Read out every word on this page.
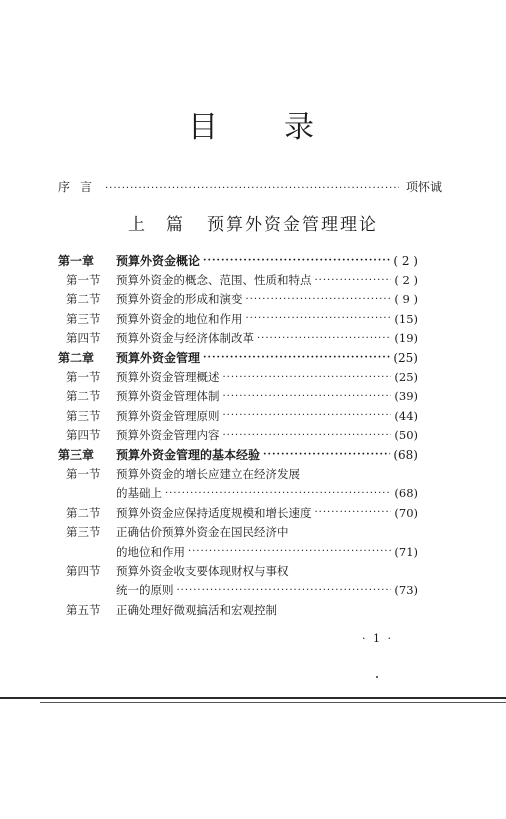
目 录
序言 ·····	项怀诚
上　篇 预算外资金管理理论
第一章	预算外资金概论 ·····	( 2 )
第一节	预算外资金的概念、范围、性质和特点 ·····	( 2 )
第二节	预算外资金的形成和演变 ·····	( 9 )
第三节	预算外资金的地位和作用 ·····	(15)
第四节	预算外资金与经济体制改革 ·····	(19)
第二章	预算外资金管理 ·····	(25)
第一节	预算外资金管理概述 ·····	(25)
第二节	预算外资金管理体制 ·····	(39)
第三节	预算外资金管理原则 ·····	(44)
第四节	预算外资金管理内容 ·····	(50)
第三章	预算外资金管理的基本经验 ·····	(68)
第一节	预算外资金的增长应建立在经济发展
的基础上 ·····	(68)
第二节	预算外资金应保持适度规模和增长速度 ·····	(70)
第三节	正确估价预算外资金在国民经济中
的地位和作用 ·····	(71)
第四节	预算外资金收支要体现财权与事权
统一的原则 ·····	(73)
第五节	正确处理好微观搞活和宏观控制
· 1 ·
